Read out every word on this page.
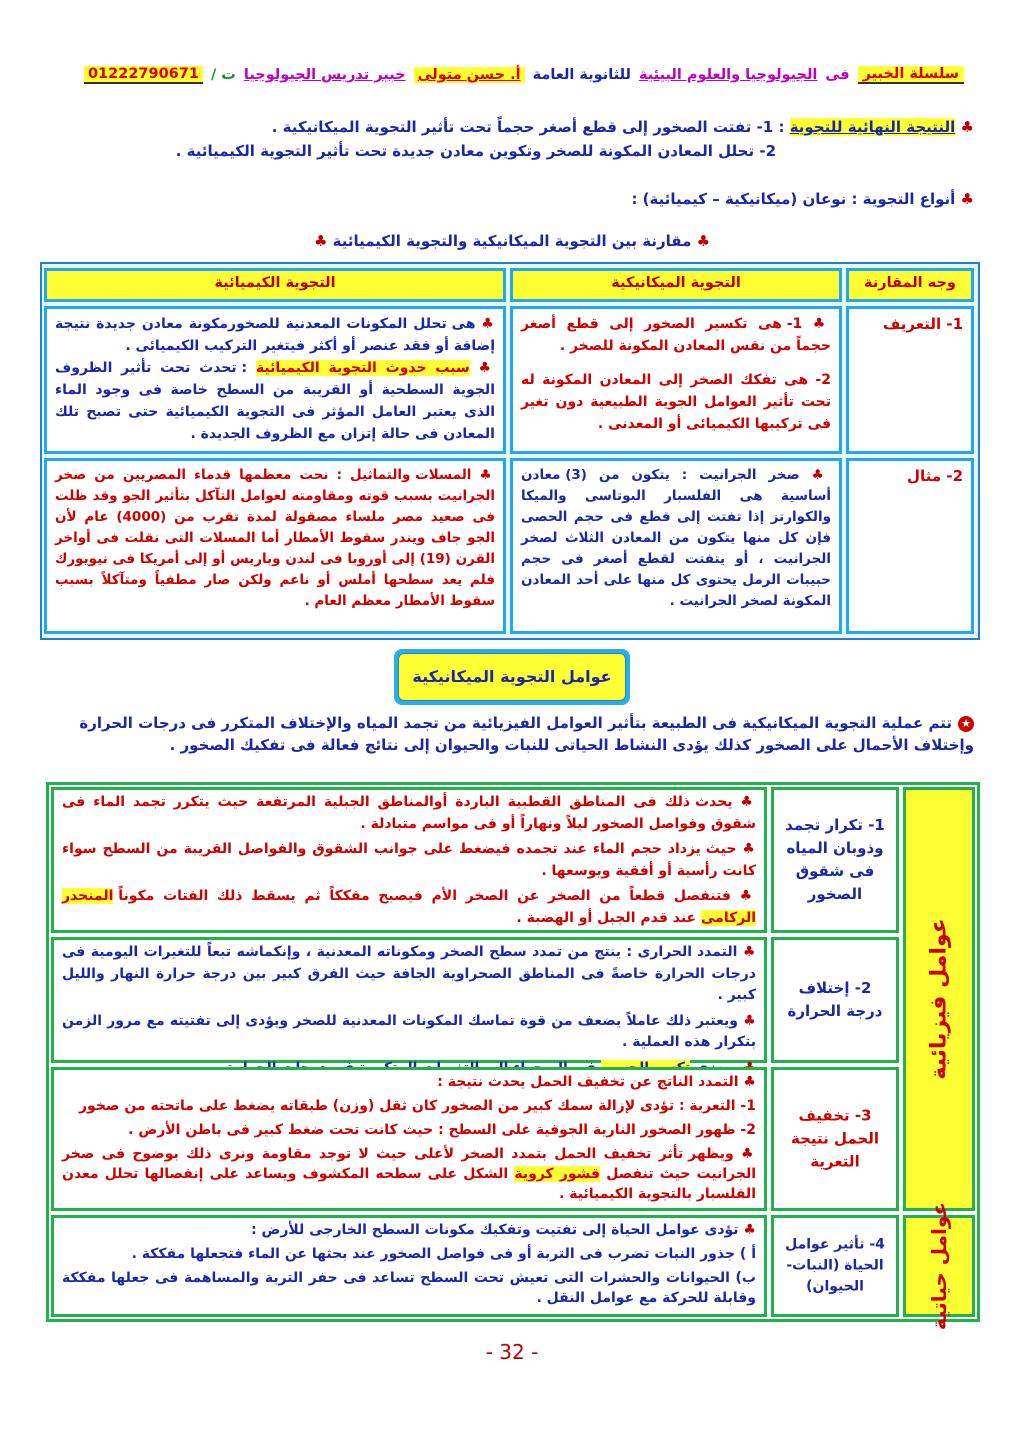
سلسلة الخبير
فى
الجيولوجيا والعلوم البيئية
للثانوية العامة
أ. حسن متولى
خبير تدريس الجيولوجيا
ت /
01222790671
♣ النتيجة النهائية للتجوية : 1- تفتت الصخور إلى قطع أصغر حجماً تحت تأثير التجوية الميكانيكية .
2- تحلل المعادن المكونة للصخر وتكوين معادن جديدة تحت تأثير التجوية الكيميائية .
♣ أنواع التجوية : نوعان (ميكانيكية – كيميائية) :
♣ مقارنة بين التجوية الميكانيكية والتجوية الكيميائية ♣
وجه المقارنة
التجوية الميكانيكية
التجوية الكيميائية
1- التعريف
♣ 1- هى تكسير الصخور إلى قطع أصغر حجماً من نفس المعادن المكونة للصخر .
2- هى تفكك الصخر إلى المعادن المكونة له تحت تأثير العوامل الجوية الطبيعية دون تغير فى تركيبها الكيميائى أو المعدنى .
♣ هى تحلل المكونات المعدنية للصخورمكونة معادن جديدة نتيجة إضافة أو فقد عنصر أو أكثر فيتغير التركيب الكيميائى .
♣ سبب حدوث التجوية الكيميائية : تحدث تحت تأثير الظروف الجوية السطحية أو القريبة من السطح خاصة فى وجود الماء الذى يعتبر العامل المؤثر فى التجوية الكيميائية حتى تصبح تلك المعادن فى حالة إتزان مع الظروف الجديدة .
2- مثال
♣ صخر الجرانيت : يتكون من (3) معادن أساسية هى الفلسبار البوتاسى والميكا والكوارتز إذا تفتت إلى قطع فى حجم الحصى فإن كل منها يتكون من المعادن الثلاث لصخر الجرانيت ، أو يتفتت لقطع أصغر فى حجم حبيبات الرمل يحتوى كل منها على أحد المعادن المكونة لصخر الجرانيت .
♣ المسلات والتماثيل : نحت معظمها قدماء المصريين من صخر الجرانيت بسبب قوته ومقاومته لعوامل التآكل بتأثير الجو وقد ظلت فى صعيد مصر ملساء مصقولة لمدة تقرب من (4000) عام لأن الجو جاف ويندر سقوط الأمطار أما المسلات التى نقلت فى أواخر القرن (19) إلى أوروبا فى لندن وباريس أو إلى أمريكا فى نيويورك فلم يعد سطحها أملس أو ناعم ولكن صار مطفياً ومتآكلاً بسبب سقوط الأمطار معظم العام .
عوامل التجوية الميكانيكية
★تتم عملية التجوية الميكانيكية فى الطبيعة بتأثير العوامل الفيزيائية من تجمد المياه والإختلاف المتكرر فى درجات الحرارة وإختلاف الأحمال على الصخور كذلك يؤدى النشاط الحياتى للنبات والحيوان إلى نتائج فعالة فى تفكيك الصخور .
عوامل فيزيائية
عوامل حياتية
1- تكرار تجمد وذوبان المياه فى شقوق الصخور
♣ يحدث ذلك فى المناطق القطبية الباردة أوالمناطق الجبلية المرتفعة حيث يتكرر تجمد الماء فى شقوق وفواصل الصخور ليلاً ونهاراً أو فى مواسم متبادلة .
♣ حيث يزداد حجم الماء عند تجمده فيضغط على جوانب الشقوق والفواصل القريبة من السطح سواء كانت رأسية أو أفقية ويوسعها .
♣ فتنفصل قطعاً من الصخر عن الصخر الأم فيصبح مفككاً ثم يسقط ذلك الفتات مكوناً المنحدر الركامى عند قدم الجبل أو الهضبة .
2- إختلاف درجة الحرارة
♣ التمدد الحرارى : ينتج من تمدد سطح الصخر ومكوناته المعدنية ، وإنكماشه تبعاً للتغيرات اليومية فى درجات الحرارة خاصةً فى المناطق الصحراوية الجافة حيث الفرق كبير بين درجة حرارة النهار والليل كبير .
♣ ويعتبر ذلك عاملاً يضعف من قوة تماسك المكونات المعدنية للصخر ويؤدى إلى تفتيته مع مرور الزمن بتكرار هذه العملية .
3- تخفيف الحمل نتيجة التعرية
♣ التمدد الناتج عن تخفيف الحمل يحدث نتيجة :
1- التعرية : تؤدى لإزالة سمك كبير من الصخور كان ثقل (وزن) طبقاته يضغط على ماتحته من صخور
2- ظهور الصخور النارية الجوفية على السطح : حيث كانت تحت ضغط كبير فى باطن الأرض .
♣ ويظهر تأثر تخفيف الحمل بتمدد الصخر لأعلى حيث لا توجد مقاومة ونرى ذلك بوضوح فى صخر الجرانيت حيث تنفصل قشور كروية الشكل على سطحه المكشوف ويساعد على إنفصالها تحلل معدن الفلسبار بالتجوية الكيميائية .
4- تأثير عوامل الحياة (النبات-الحيوان)
♣ تؤدى عوامل الحياة إلى تفتيت وتفكيك مكونات السطح الخارجى للأرض :
أ ) جذور النبات تضرب فى التربة أو فى فواصل الصخور عند بحثها عن الماء فتجعلها مفككة .
ب) الحيوانات والحشرات التى تعيش تحت السطح تساعد فى حفر التربة والمساهمة فى جعلها مفككة وقابلة للحركة مع عوامل النقل .
- 32 -
